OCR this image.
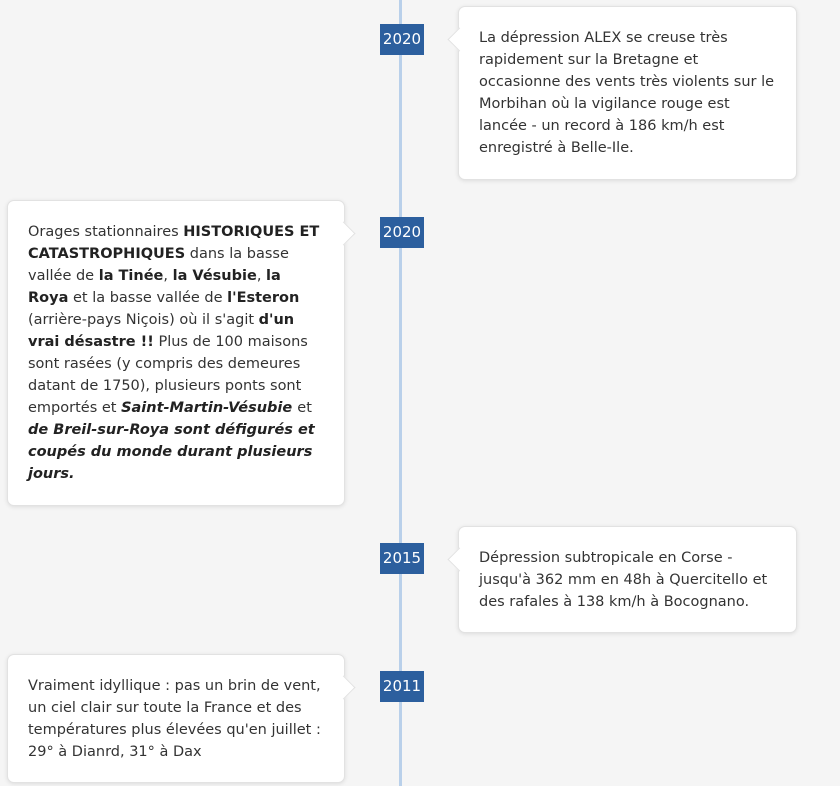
2020	La dépression ALEX se creuse très rapidement sur la Bretagne et occasionne des vents très violents sur le Morbihan où la vigilance rouge est lancée - un record à 186 km/h est enregistré à Belle-Ile.

2020

Orages stationnaires HISTORIQUES ET CATASTROPHIQUES dans la basse vallée de la Tinée, la Vésubie, la Roya et la basse vallée de l'Esteron (arrière-pays Niçois) où il s'agit d'un vrai désastre !! Plus de 100 maisons sont rasées (y compris des demeures datant de 1750), plusieurs ponts sont emportés et Saint-Martin-Vésubie et de Breil-sur-Roya sont défigurés et coupés du monde durant plusieurs jours.

2015	Dépression subtropicale en Corse - jusqu'à 362 mm en 48h à Quercitello et des rafales à 138 km/h à Bocognano.

2011

Vraiment idyllique : pas un brin de vent, un ciel clair sur toute la France et des températures plus élevées qu'en juillet : 29° à Dianrd, 31° à Dax
